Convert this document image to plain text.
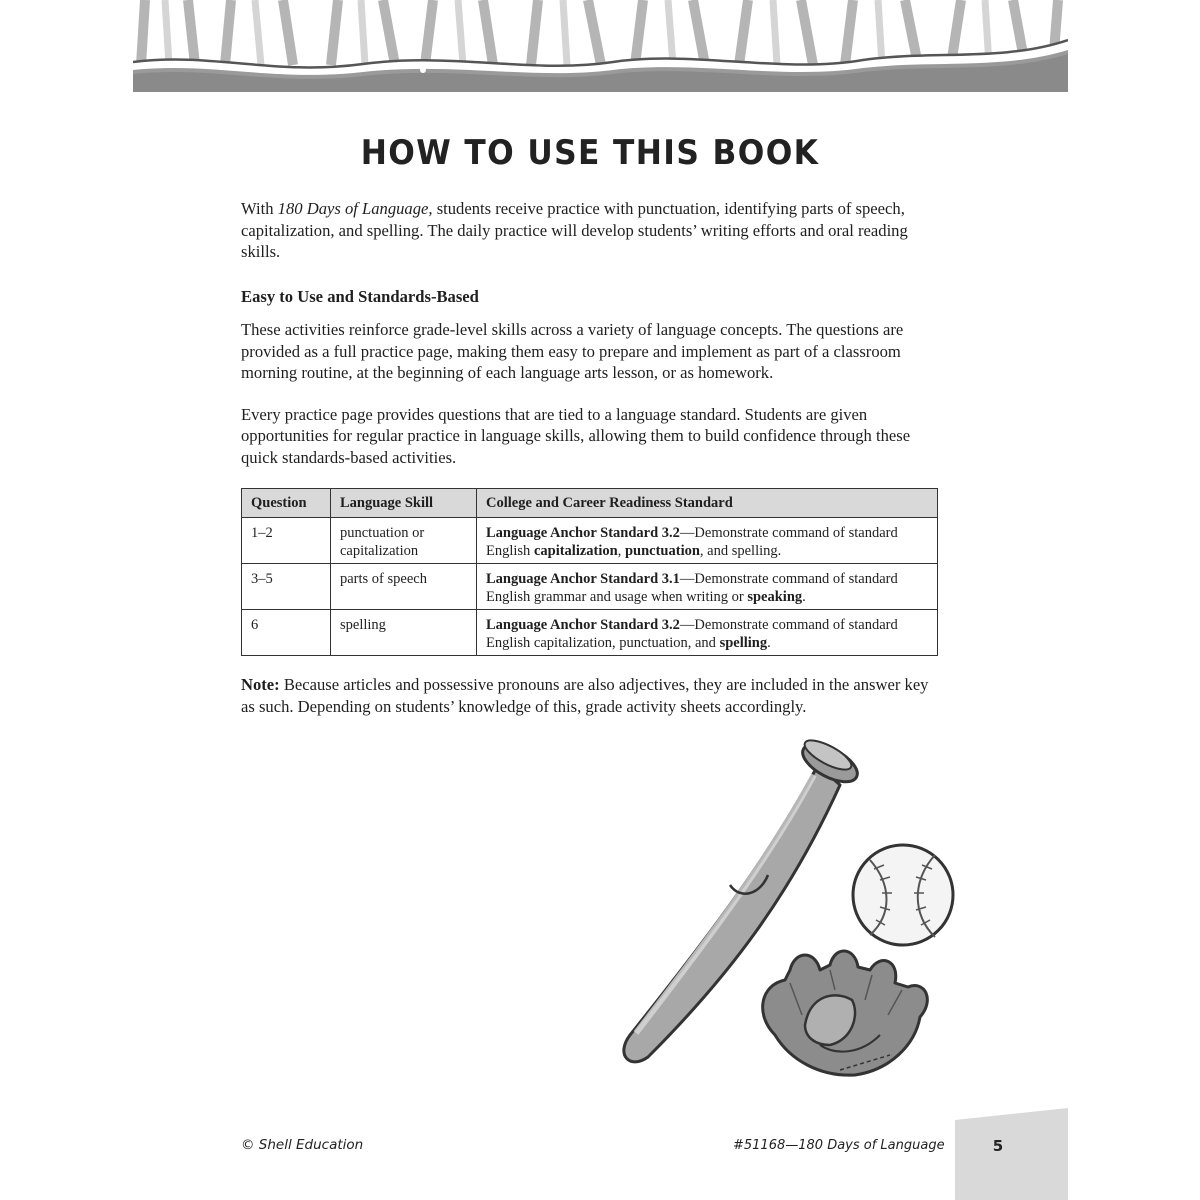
HOW TO USE THIS BOOK

With 180 Days of Language, students receive practice with punctuation, identifying parts of speech, capitalization, and spelling. The daily practice will develop students’ writing efforts and oral reading skills.

Easy to Use and Standards-Based

These activities reinforce grade-level skills across a variety of language concepts. The questions are provided as a full practice page, making them easy to prepare and implement as part of a classroom morning routine, at the beginning of each language arts lesson, or as homework.

Every practice page provides questions that are tied to a language standard. Students are given opportunities for regular practice in language skills, allowing them to build confidence through these quick standards-based activities.

Question	Language Skill	College and Career Readiness Standard
1–2	punctuation or capitalization	Language Anchor Standard 3.2—Demonstrate command of standard English capitalization, punctuation, and spelling.
3–5	parts of speech	Language Anchor Standard 3.1—Demonstrate command of standard English grammar and usage when writing or speaking.
6	spelling	Language Anchor Standard 3.2—Demonstrate command of standard English capitalization, punctuation, and spelling.

Note: Because articles and possessive pronouns are also adjectives, they are included in the answer key as such. Depending on students’ knowledge of this, grade activity sheets accordingly.

© Shell Education	#51168—180 Days of Language	5
